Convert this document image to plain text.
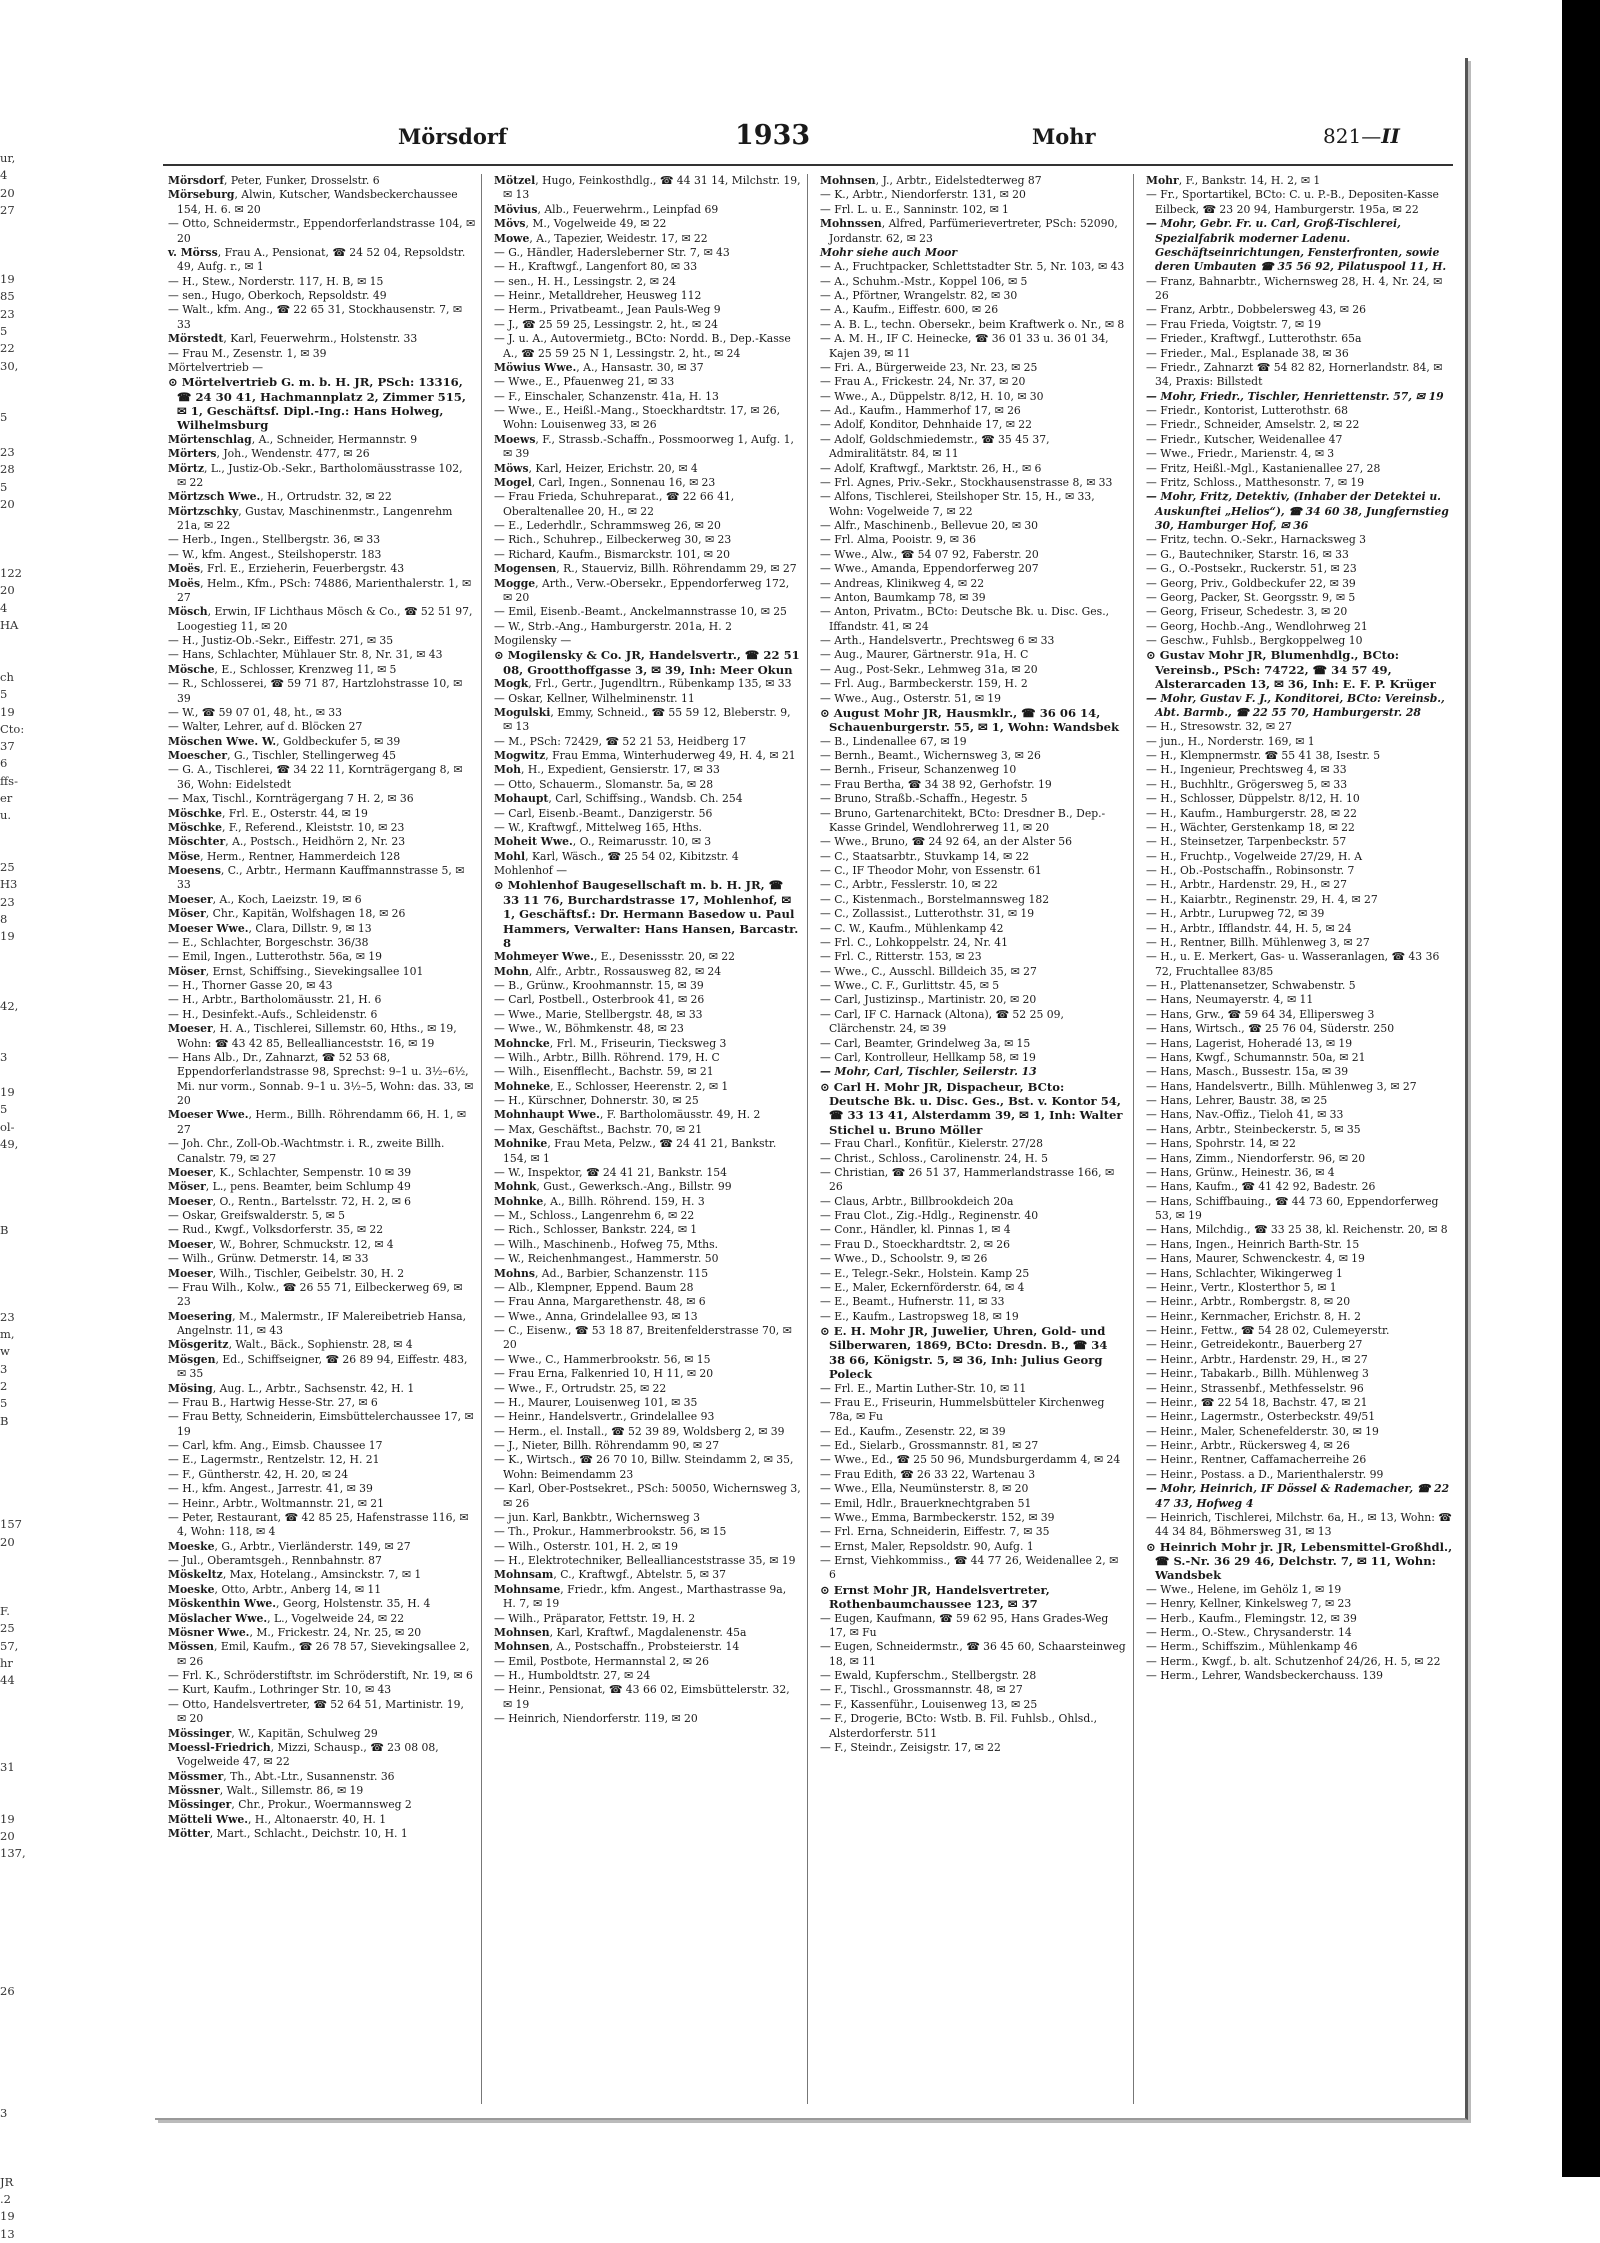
ur,
4
20
27

19
85
23
5
22
30,

5

23
28
5
20

122
20
4
HA

ch
5
19
Cto:
37
6
ffs-
er
u.

25
H3
23
8
19

42,

3

19
5
ol-
49,

B

23
m,
w
3
2
5
B

157
20

F.
25
57,
hr
44

31

19
20
137,

26

3

JR
.2
19
13
Mörsdorf	1933	Mohr	821—II

Mörsdorf, Peter, Funker, Drosselstr. 6

Mörseburg, Alwin, Kutscher, Wandsbeckerchaussee 154, H. 6. ✉ 20

— Otto, Schneidermstr., Eppendorferlandstrasse 104, ✉ 20

v. Mörss, Frau A., Pensionat, ☎ 24 52 04, Repsoldstr. 49, Aufg. r., ✉ 1

— H., Stew., Norderstr. 117, H. B, ✉ 15

— sen., Hugo, Oberkoch, Repsoldstr. 49

— Walt., kfm. Ang., ☎ 22 65 31, Stockhausenstr. 7, ✉ 33

Mörstedt, Karl, Feuerwehrm., Holstenstr. 33

— Frau M., Zesenstr. 1, ✉ 39

Mörtelvertrieb —

⊙ Mörtelvertrieb G. m. b. H. JR, PSch: 13316, ☎ 24 30 41, Hachmannplatz 2, Zimmer 515, ✉ 1, Geschäftsf. Dipl.-Ing.: Hans Holweg, Wilhelmsburg

Mörtenschlag, A., Schneider, Hermannstr. 9

Mörters, Joh., Wendenstr. 477, ✉ 26

Mörtz, L., Justiz-Ob.-Sekr., Bartholomäusstrasse 102, ✉ 22

Mörtzsch Wwe., H., Ortrudstr. 32, ✉ 22

Mörtzschky, Gustav, Maschinenmstr., Langenrehm 21a, ✉ 22

— Herb., Ingen., Stellbergstr. 36, ✉ 33

— W., kfm. Angest., Steilshoperstr. 183

Moës, Frl. E., Erzieherin, Feuerbergstr. 43

Moës, Helm., Kfm., PSch: 74886, Marienthalerstr. 1, ✉ 27

Mösch, Erwin, IF Lichthaus Mösch & Co., ☎ 52 51 97, Loogestieg 11, ✉ 20

— H., Justiz-Ob.-Sekr., Eiffestr. 271, ✉ 35

— Hans, Schlachter, Mühlauer Str. 8, Nr. 31, ✉ 43

Mösche, E., Schlosser, Krenzweg 11, ✉ 5

— R., Schlosserei, ☎ 59 71 87, Hartzlohstrasse 10, ✉ 39

— W., ☎ 59 07 01, 48, ht., ✉ 33

— Walter, Lehrer, auf d. Blöcken 27

Möschen Wwe. W., Goldbeckufer 5, ✉ 39

Moescher, G., Tischler, Stellingerweg 45

— G. A., Tischlerei, ☎ 34 22 11, Kornträgergang 8, ✉ 36, Wohn: Eidelstedt

— Max, Tischl., Kornträgergang 7 H. 2, ✉ 36

Möschke, Frl. E., Osterstr. 44, ✉ 19

Möschke, F., Referend., Kleiststr. 10, ✉ 23

Möschter, A., Postsch., Heidhörn 2, Nr. 23

Möse, Herm., Rentner, Hammerdeich 128

Moesens, C., Arbtr., Hermann Kauffmannstrasse 5, ✉ 33

Moeser, A., Koch, Laeizstr. 19, ✉ 6

Möser, Chr., Kapitän, Wolfshagen 18, ✉ 26

Moeser Wwe., Clara, Dillstr. 9, ✉ 13

— E., Schlachter, Borgeschstr. 36/38

— Emil, Ingen., Lutterothstr. 56a, ✉ 19

Möser, Ernst, Schiffsing., Sievekingsallee 101

— H., Thorner Gasse 20, ✉ 43

— H., Arbtr., Bartholomäusstr. 21, H. 6

— H., Desinfekt.-Aufs., Schleidenstr. 6

Moeser, H. A., Tischlerei, Sillemstr. 60, Hths., ✉ 19, Wohn: ☎ 43 42 85, Belleallianceststr. 16, ✉ 19

— Hans Alb., Dr., Zahnarzt, ☎ 52 53 68, Eppendorferlandstrasse 98, Sprechst: 9–1 u. 3½–6½, Mi. nur vorm., Sonnab. 9–1 u. 3½–5, Wohn: das. 33, ✉ 20

Moeser Wwe., Herm., Billh. Röhrendamm 66, H. 1, ✉ 27

— Joh. Chr., Zoll-Ob.-Wachtmstr. i. R., zweite Billh. Canalstr. 79, ✉ 27

Moeser, K., Schlachter, Sempenstr. 10 ✉ 39

Möser, L., pens. Beamter, beim Schlump 49

Moeser, O., Rentn., Bartelsstr. 72, H. 2, ✉ 6

— Oskar, Greifswalderstr. 5, ✉ 5

— Rud., Kwgf., Volksdorferstr. 35, ✉ 22

Moeser, W., Bohrer, Schmuckstr. 12, ✉ 4

— Wilh., Grünw. Detmerstr. 14, ✉ 33

Moeser, Wilh., Tischler, Geibelstr. 30, H. 2

— Frau Wilh., Kolw., ☎ 26 55 71, Eilbeckerweg 69, ✉ 23

Moesering, M., Malermstr., IF Malereibetrieb Hansa, Angelnstr. 11, ✉ 43

Mösgeritz, Walt., Bäck., Sophienstr. 28, ✉ 4

Mösgen, Ed., Schiffseigner, ☎ 26 89 94, Eiffestr. 483, ✉ 35

Mösing, Aug. L., Arbtr., Sachsenstr. 42, H. 1

— Frau B., Hartwig Hesse-Str. 27, ✉ 6

— Frau Betty, Schneiderin, Eimsbüttelerchaussee 17, ✉ 19

— Carl, kfm. Ang., Eimsb. Chaussee 17

— E., Lagermstr., Rentzelstr. 12, H. 21

— F., Güntherstr. 42, H. 20, ✉ 24

— H., kfm. Angest., Jarrestr. 41, ✉ 39

— Heinr., Arbtr., Woltmannstr. 21, ✉ 21

— Peter, Restaurant, ☎ 42 85 25, Hafenstrasse 116, ✉ 4, Wohn: 118, ✉ 4

Moeske, G., Arbtr., Vierländerstr. 149, ✉ 27

— Jul., Oberamtsgeh., Rennbahnstr. 87

Möskeltz, Max, Hotelang., Amsinckstr. 7, ✉ 1

Moeske, Otto, Arbtr., Anberg 14, ✉ 11

Möskenthin Wwe., Georg, Holstenstr. 35, H. 4

Möslacher Wwe., L., Vogelweide 24, ✉ 22

Mösner Wwe., M., Frickestr. 24, Nr. 25, ✉ 20

Mössen, Emil, Kaufm., ☎ 26 78 57, Sievekingsallee 2, ✉ 26

— Frl. K., Schröderstiftstr. im Schröderstift, Nr. 19, ✉ 6

— Kurt, Kaufm., Lothringer Str. 10, ✉ 43

— Otto, Handelsvertreter, ☎ 52 64 51, Martinistr. 19, ✉ 20

Mössinger, W., Kapitän, Schulweg 29

Moessl-Friedrich, Mizzi, Schausp., ☎ 23 08 08, Vogelweide 47, ✉ 22

Mössmer, Th., Abt.-Ltr., Susannenstr. 36

Mössner, Walt., Sillemstr. 86, ✉ 19

Mössinger, Chr., Prokur., Woermannsweg 2

Mötteli Wwe., H., Altonaerstr. 40, H. 1

Mötter, Mart., Schlacht., Deichstr. 10, H. 1

Mötzel, Hugo, Feinkosthdlg., ☎ 44 31 14, Milchstr. 19, ✉ 13

Mövius, Alb., Feuerwehrm., Leinpfad 69

Mövs, M., Vogelweide 49, ✉ 22

Mowe, A., Tapezier, Weidestr. 17, ✉ 22

— G., Händler, Hadersleberner Str. 7, ✉ 43

— H., Kraftwgf., Langenfort 80, ✉ 33

— sen., H. H., Lessingstr. 2, ✉ 24

— Heinr., Metalldreher, Heusweg 112

— Herm., Privatbeamt., Jean Pauls-Weg 9

— J., ☎ 25 59 25, Lessingstr. 2, ht., ✉ 24

— J. u. A., Autovermietg., BCto: Nordd. B., Dep.-Kasse A., ☎ 25 59 25 N 1, Lessingstr. 2, ht., ✉ 24

Möwius Wwe., A., Hansastr. 30, ✉ 37

— Wwe., E., Pfauenweg 21, ✉ 33

— F., Einschaler, Schanzenstr. 41a, H. 13

— Wwe., E., Heißl.-Mang., Stoeckhardtstr. 17, ✉ 26, Wohn: Louisenweg 33, ✉ 26

Moews, F., Strassb.-Schaffn., Possmoorweg 1, Aufg. 1, ✉ 39

Möws, Karl, Heizer, Erichstr. 20, ✉ 4

Mogel, Carl, Ingen., Sonnenau 16, ✉ 23

— Frau Frieda, Schuhreparat., ☎ 22 66 41, Oberaltenallee 20, H., ✉ 22

— E., Lederhdlr., Schrammsweg 26, ✉ 20

— Rich., Schuhrep., Eilbeckerweg 30, ✉ 23

— Richard, Kaufm., Bismarckstr. 101, ✉ 20

Mogensen, R., Stauerviz, Billh. Röhrendamm 29, ✉ 27

Mogge, Arth., Verw.-Obersekr., Eppendorferweg 172, ✉ 20

— Emil, Eisenb.-Beamt., Anckelmannstrasse 10, ✉ 25

— W., Strb.-Ang., Hamburgerstr. 201a, H. 2

Mogilensky —

⊙ Mogilensky & Co. JR, Handelsvertr., ☎ 22 51 08, Grootthoffgasse 3, ✉ 39, Inh: Meer Okun

Mogk, Frl., Gertr., Jugendltrn., Rübenkamp 135, ✉ 33

— Oskar, Kellner, Wilhelminenstr. 11

Mogulski, Emmy, Schneid., ☎ 55 59 12, Bleberstr. 9, ✉ 13

— M., PSch: 72429, ☎ 52 21 53, Heidberg 17

Mogwitz, Frau Emma, Winterhuderweg 49, H. 4, ✉ 21

Moh, H., Expedient, Gensierstr. 17, ✉ 33

— Otto, Schauerm., Slomanstr. 5a, ✉ 28

Mohaupt, Carl, Schiffsing., Wandsb. Ch. 254

— Carl, Eisenb.-Beamt., Danzigerstr. 56

— W., Kraftwgf., Mittelweg 165, Hths.

Moheit Wwe., O., Reimarusstr. 10, ✉ 3

Mohl, Karl, Wäsch., ☎ 25 54 02, Kibitzstr. 4

Mohlenhof —

⊙ Mohlenhof Baugesellschaft m. b. H. JR, ☎ 33 11 76, Burchardstrasse 17, Mohlenhof, ✉ 1, Geschäftsf.: Dr. Hermann Basedow u. Paul Hammers, Verwalter: Hans Hansen, Barcastr. 8

Mohmeyer Wwe., E., Desenissstr. 20, ✉ 22

Mohn, Alfr., Arbtr., Rossausweg 82, ✉ 24

— B., Grünw., Kroohmannstr. 15, ✉ 39

— Carl, Postbell., Osterbrook 41, ✉ 26

— Wwe., Marie, Stellbergstr. 48, ✉ 33

— Wwe., W., Böhmkenstr. 48, ✉ 23

Mohncke, Frl. M., Friseurin, Tiecksweg 3

— Wilh., Arbtr., Billh. Röhrend. 179, H. C

— Wilh., Eisenfflecht., Bachstr. 59, ✉ 21

Mohneke, E., Schlosser, Heerenstr. 2, ✉ 1

— H., Kürschner, Dohnerstr. 30, ✉ 25

Mohnhaupt Wwe., F. Bartholomäusstr. 49, H. 2

— Max, Geschäftst., Bachstr. 70, ✉ 21

Mohnike, Frau Meta, Pelzw., ☎ 24 41 21, Bankstr. 154, ✉ 1

— W., Inspektor, ☎ 24 41 21, Bankstr. 154

Mohnk, Gust., Gewerksch.-Ang., Billstr. 99

Mohnke, A., Billh. Röhrend. 159, H. 3

— M., Schloss., Langenrehm 6, ✉ 22

— Rich., Schlosser, Bankstr. 224, ✉ 1

— Wilh., Maschinenb., Hofweg 75, Mths.

— W., Reichenhmangest., Hammerstr. 50

Mohns, Ad., Barbier, Schanzenstr. 115

— Alb., Klempner, Eppend. Baum 28

— Frau Anna, Margarethenstr. 48, ✉ 6

— Wwe., Anna, Grindelallee 93, ✉ 13

— C., Eisenw., ☎ 53 18 87, Breitenfelderstrasse 70, ✉ 20

— Wwe., C., Hammerbrookstr. 56, ✉ 15

— Frau Erna, Falkenried 10, H 11, ✉ 20

— Wwe., F., Ortrudstr. 25, ✉ 22

— H., Maurer, Louisenweg 101, ✉ 35

— Heinr., Handelsvertr., Grindelallee 93

— Herm., el. Install., ☎ 52 39 89, Woldsberg 2, ✉ 39

— J., Nieter, Billh. Röhrendamm 90, ✉ 27

— K., Wirtsch., ☎ 26 70 10, Billw. Steindamm 2, ✉ 35, Wohn: Beimendamm 23

— Karl, Ober-Postsekret., PSch: 50050, Wichernsweg 3, ✉ 26

— jun. Karl, Bankbtr., Wichernsweg 3

— Th., Prokur., Hammerbrookstr. 56, ✉ 15

— Wilh., Osterstr. 101, H. 2, ✉ 19

— H., Elektrotechniker, Belleallianceststrasse 35, ✉ 19

Mohnsam, C., Kraftwgf., Abtelstr. 5, ✉ 37

Mohnsame, Friedr., kfm. Angest., Marthastrasse 9a, H. 7, ✉ 19

— Wilh., Präparator, Fettstr. 19, H. 2

Mohnsen, Karl, Kraftwf., Magdalenenstr. 45a

Mohnsen, A., Postschaffn., Probsteierstr. 14

— Emil, Postbote, Hermannstal 2, ✉ 26

— H., Humboldtstr. 27, ✉ 24

— Heinr., Pensionat, ☎ 43 66 02, Eimsbüttelerstr. 32, ✉ 19

— Heinrich, Niendorferstr. 119, ✉ 20

Mohnsen, J., Arbtr., Eidelstedterweg 87

— K., Arbtr., Niendorferstr. 131, ✉ 20

— Frl. L. u. E., Sanninstr. 102, ✉ 1

Mohnssen, Alfred, Parfümerievertreter, PSch: 52090, Jordanstr. 62, ✉ 23

Mohr siehe auch Moor

— A., Fruchtpacker, Schlettstadter Str. 5, Nr. 103, ✉ 43

— A., Schuhm.-Mstr., Koppel 106, ✉ 5

— A., Pförtner, Wrangelstr. 82, ✉ 30

— A., Kaufm., Eiffestr. 600, ✉ 26

— A. B. L., techn. Obersekr., beim Kraftwerk o. Nr., ✉ 8

— A. M. H., IF C. Heinecke, ☎ 36 01 33 u. 36 01 34, Kajen 39, ✉ 11

— Fri. A., Bürgerweide 23, Nr. 23, ✉ 25

— Frau A., Frickestr. 24, Nr. 37, ✉ 20

— Wwe., A., Düppelstr. 8/12, H. 10, ✉ 30

— Ad., Kaufm., Hammerhof 17, ✉ 26

— Adolf, Konditor, Dehnhaide 17, ✉ 22

— Adolf, Goldschmiedemstr., ☎ 35 45 37, Admiralitätstr. 84, ✉ 11

— Adolf, Kraftwgf., Marktstr. 26, H., ✉ 6

— Frl. Agnes, Priv.-Sekr., Stockhausenstrasse 8, ✉ 33

— Alfons, Tischlerei, Steilshoper Str. 15, H., ✉ 33, Wohn: Vogelweide 7, ✉ 22

— Alfr., Maschinenb., Bellevue 20, ✉ 30

— Frl. Alma, Pooistr. 9, ✉ 36

— Wwe., Alw., ☎ 54 07 92, Faberstr. 20

— Wwe., Amanda, Eppendorferweg 207

— Andreas, Klinikweg 4, ✉ 22

— Anton, Baumkamp 78, ✉ 39

— Anton, Privatm., BCto: Deutsche Bk. u. Disc. Ges., Iffandstr. 41, ✉ 24

— Arth., Handelsvertr., Prechtsweg 6 ✉ 33

— Aug., Maurer, Gärtnerstr. 91a, H. C

— Aug., Post-Sekr., Lehmweg 31a, ✉ 20

— Frl. Aug., Barmbeckerstr. 159, H. 2

— Wwe., Aug., Osterstr. 51, ✉ 19

⊙ August Mohr JR, Hausmklr., ☎ 36 06 14, Schauenburgerstr. 55, ✉ 1, Wohn: Wandsbek

— B., Lindenallee 67, ✉ 19

— Bernh., Beamt., Wichernsweg 3, ✉ 26

— Bernh., Friseur, Schanzenweg 10

— Frau Bertha, ☎ 34 38 92, Gerhofstr. 19

— Bruno, Straßb.-Schaffn., Hegestr. 5

— Bruno, Gartenarchitekt, BCto: Dresdner B., Dep.-Kasse Grindel, Wendlohrerweg 11, ✉ 20

— Wwe., Bruno, ☎ 24 92 64, an der Alster 56

— C., Staatsarbtr., Stuvkamp 14, ✉ 22

— C., IF Theodor Mohr, von Essenstr. 61

— C., Arbtr., Fesslerstr. 10, ✉ 22

— C., Kistenmach., Borstelmannsweg 182

— C., Zollassist., Lutterothstr. 31, ✉ 19

— C. W., Kaufm., Mühlenkamp 42

— Frl. C., Lohkoppelstr. 24, Nr. 41

— Frl. C., Ritterstr. 153, ✉ 23

— Wwe., C., Ausschl. Billdeich 35, ✉ 27

— Wwe., C. F., Gurlittstr. 45, ✉ 5

— Carl, Justizinsp., Martinistr. 20, ✉ 20

— Carl, IF C. Harnack (Altona), ☎ 52 25 09, Clärchenstr. 24, ✉ 39

— Carl, Beamter, Grindelweg 3a, ✉ 15

— Carl, Kontrolleur, Hellkamp 58, ✉ 19

— Mohr, Carl, Tischler, Seilerstr. 13

⊙ Carl H. Mohr JR, Dispacheur, BCto: Deutsche Bk. u. Disc. Ges., Bst. v. Kontor 54, ☎ 33 13 41, Alsterdamm 39, ✉ 1, Inh: Walter Stichel u. Bruno Möller

— Frau Charl., Konfitür., Kielerstr. 27/28

— Christ., Schloss., Carolinenstr. 24, H. 5

— Christian, ☎ 26 51 37, Hammerlandstrasse 166, ✉ 26

— Claus, Arbtr., Billbrookdeich 20a

— Frau Clot., Zig.-Hdlg., Reginenstr. 40

— Conr., Händler, kl. Pinnas 1, ✉ 4

— Frau D., Stoeckhardtstr. 2, ✉ 26

— Wwe., D., Schoolstr. 9, ✉ 26

— E., Telegr.-Sekr., Holstein. Kamp 25

— E., Maler, Eckernförderstr. 64, ✉ 4

— E., Beamt., Hufnerstr. 11, ✉ 33

— E., Kaufm., Lastropsweg 18, ✉ 19

⊙ E. H. Mohr JR, Juwelier, Uhren, Gold- und Silberwaren, 1869, BCto: Dresdn. B., ☎ 34 38 66, Königstr. 5, ✉ 36, Inh: Julius Georg Poleck

— Frl. E., Martin Luther-Str. 10, ✉ 11

— Frau E., Friseurin, Hummelsbütteler Kirchenweg 78a, ✉ Fu

— Ed., Kaufm., Zesenstr. 22, ✉ 39

— Ed., Sielarb., Grossmannstr. 81, ✉ 27

— Wwe., Ed., ☎ 25 50 96, Mundsburgerdamm 4, ✉ 24

— Frau Edith, ☎ 26 33 22, Wartenau 3

— Wwe., Ella, Neumünsterstr. 8, ✉ 20

— Emil, Hdlr., Brauerknechtgraben 51

— Wwe., Emma, Barmbeckerstr. 152, ✉ 39

— Frl. Erna, Schneiderin, Eiffestr. 7, ✉ 35

— Ernst, Maler, Repsoldstr. 90, Aufg. 1

— Ernst, Viehkommiss., ☎ 44 77 26, Weidenallee 2, ✉ 6

⊙ Ernst Mohr JR, Handelsvertreter, Rothenbaumchaussee 123, ✉ 37

— Eugen, Kaufmann, ☎ 59 62 95, Hans Grades-Weg 17, ✉ Fu

— Eugen, Schneidermstr., ☎ 36 45 60, Schaarsteinweg 18, ✉ 11

— Ewald, Kupferschm., Stellbergstr. 28

— F., Tischl., Grossmannstr. 48, ✉ 27

— F., Kassenführ., Louisenweg 13, ✉ 25

— F., Drogerie, BCto: Wstb. B. Fil. Fuhlsb., Ohlsd., Alsterdorferstr. 511

— F., Steindr., Zeisigstr. 17, ✉ 22

Mohr, F., Bankstr. 14, H. 2, ✉ 1

— Fr., Sportartikel, BCto: C. u. P.-B., Depositen-Kasse Eilbeck, ☎ 23 20 94, Hamburgerstr. 195a, ✉ 22

— Mohr, Gebr. Fr. u. Carl, Groß-Tischlerei, Spezialfabrik moderner Ladenu. Geschäftseinrichtungen, Fensterfronten, sowie deren Umbauten ☎ 35 56 92, Pilatuspool 11, H.

— Franz, Bahnarbtr., Wichernsweg 28, H. 4, Nr. 24, ✉ 26

— Franz, Arbtr., Dobbelersweg 43, ✉ 26

— Frau Frieda, Voigtstr. 7, ✉ 19

— Frieder., Kraftwgf., Lutterothstr. 65a

— Frieder., Mal., Esplanade 38, ✉ 36

— Friedr., Zahnarzt ☎ 54 82 82, Hornerlandstr. 84, ✉ 34, Praxis: Billstedt

— Mohr, Friedr., Tischler, Henriettenstr. 57, ✉ 19

— Friedr., Kontorist, Lutterothstr. 68

— Friedr., Schneider, Amselstr. 2, ✉ 22

— Friedr., Kutscher, Weidenallee 47

— Wwe., Friedr., Marienstr. 4, ✉ 3

— Fritz, Heißl.-Mgl., Kastanienallee 27, 28

— Fritz, Schloss., Matthesonstr. 7, ✉ 19

— Mohr, Fritz, Detektiv, (Inhaber der Detektei u. Auskunftei „Helios“), ☎ 34 60 38, Jungfernstieg 30, Hamburger Hof, ✉ 36

— Fritz, techn. O.-Sekr., Harnacksweg 3

— G., Bautechniker, Starstr. 16, ✉ 33

— G., O.-Postsekr., Ruckerstr. 51, ✉ 23

— Georg, Priv., Goldbeckufer 22, ✉ 39

— Georg, Packer, St. Georgsstr. 9, ✉ 5

— Georg, Friseur, Schedestr. 3, ✉ 20

— Georg, Hochb.-Ang., Wendlohrweg 21

— Geschw., Fuhlsb., Bergkoppelweg 10

⊙ Gustav Mohr JR, Blumenhdlg., BCto: Vereinsb., PSch: 74722, ☎ 34 57 49, Alsterarcaden 13, ✉ 36, Inh: E. F. P. Krüger

— Mohr, Gustav F. J., Konditorei, BCto: Vereinsb., Abt. Barmb., ☎ 22 55 70, Hamburgerstr. 28

— H., Stresowstr. 32, ✉ 27

— jun., H., Norderstr. 169, ✉ 1

— H., Klempnermstr. ☎ 55 41 38, Isestr. 5

— H., Ingenieur, Prechtsweg 4, ✉ 33

— H., Buchhltr., Grögersweg 5, ✉ 33

— H., Schlosser, Düppelstr. 8/12, H. 10

— H., Kaufm., Hamburgerstr. 28, ✉ 22

— H., Wächter, Gerstenkamp 18, ✉ 22

— H., Steinsetzer, Tarpenbeckstr. 57

— H., Fruchtp., Vogelweide 27/29, H. A

— H., Ob.-Postschaffn., Robinsonstr. 7

— H., Arbtr., Hardenstr. 29, H., ✉ 27

— H., Kaiarbtr., Reginenstr. 29, H. 4, ✉ 27

— H., Arbtr., Lurupweg 72, ✉ 39

— H., Arbtr., Ifflandstr. 44, H. 5, ✉ 24

— H., Rentner, Billh. Mühlenweg 3, ✉ 27

— H., u. E. Merkert, Gas- u. Wasseranlagen, ☎ 43 36 72, Fruchtallee 83/85

— H., Plattenansetzer, Schwabenstr. 5

— Hans, Neumayerstr. 4, ✉ 11

— Hans, Grw., ☎ 59 64 34, Ellipersweg 3

— Hans, Wirtsch., ☎ 25 76 04, Süderstr. 250

— Hans, Lagerist, Hoheradé 13, ✉ 19

— Hans, Kwgf., Schumannstr. 50a, ✉ 21

— Hans, Masch., Bussestr. 15a, ✉ 39

— Hans, Handelsvertr., Billh. Mühlenweg 3, ✉ 27

— Hans, Lehrer, Baustr. 38, ✉ 25

— Hans, Nav.-Offiz., Tieloh 41, ✉ 33

— Hans, Arbtr., Steinbeckerstr. 5, ✉ 35

— Hans, Spohrstr. 14, ✉ 22

— Hans, Zimm., Niendorferstr. 96, ✉ 20

— Hans, Grünw., Heinestr. 36, ✉ 4

— Hans, Kaufm., ☎ 41 42 92, Badestr. 26

— Hans, Schiffbauing., ☎ 44 73 60, Eppendorferweg 53, ✉ 19

— Hans, Milchdig., ☎ 33 25 38, kl. Reichenstr. 20, ✉ 8

— Hans, Ingen., Heinrich Barth-Str. 15

— Hans, Maurer, Schwenckestr. 4, ✉ 19

— Hans, Schlachter, Wikingerweg 1

— Heinr., Vertr., Klosterthor 5, ✉ 1

— Heinr., Arbtr., Rombergstr. 8, ✉ 20

— Heinr., Kernmacher, Erichstr. 8, H. 2

— Heinr., Fettw., ☎ 54 28 02, Culemeyerstr.

— Heinr., Getreidekontr., Bauerberg 27

— Heinr., Arbtr., Hardenstr. 29, H., ✉ 27

— Heinr., Tabakarb., Billh. Mühlenweg 3

— Heinr., Strassenbf., Methfesselstr. 96

— Heinr., ☎ 22 54 18, Bachstr. 47, ✉ 21

— Heinr., Lagermstr., Osterbeckstr. 49/51

— Heinr., Maler, Schenefelderstr. 30, ✉ 19

— Heinr., Arbtr., Rückersweg 4, ✉ 26

— Heinr., Rentner, Caffamacherreihe 26

— Heinr., Postass. a D., Marienthalerstr. 99

— Mohr, Heinrich, IF Dössel & Rademacher, ☎ 22 47 33, Hofweg 4

— Heinrich, Tischlerei, Milchstr. 6a, H., ✉ 13, Wohn: ☎ 44 34 84, Böhmersweg 31, ✉ 13

⊙ Heinrich Mohr jr. JR, Lebensmittel-Großhdl., ☎ S.-Nr. 36 29 46, Delchstr. 7, ✉ 11, Wohn: Wandsbek

— Wwe., Helene, im Gehölz 1, ✉ 19

— Henry, Kellner, Kinkelsweg 7, ✉ 23

— Herb., Kaufm., Flemingstr. 12, ✉ 39

— Herm., O.-Stew., Chrysanderstr. 14

— Herm., Schiffszim., Mühlenkamp 46

— Herm., Kwgf., b. alt. Schutzenhof 24/26, H. 5, ✉ 22

— Herm., Lehrer, Wandsbeckerchauss. 139
